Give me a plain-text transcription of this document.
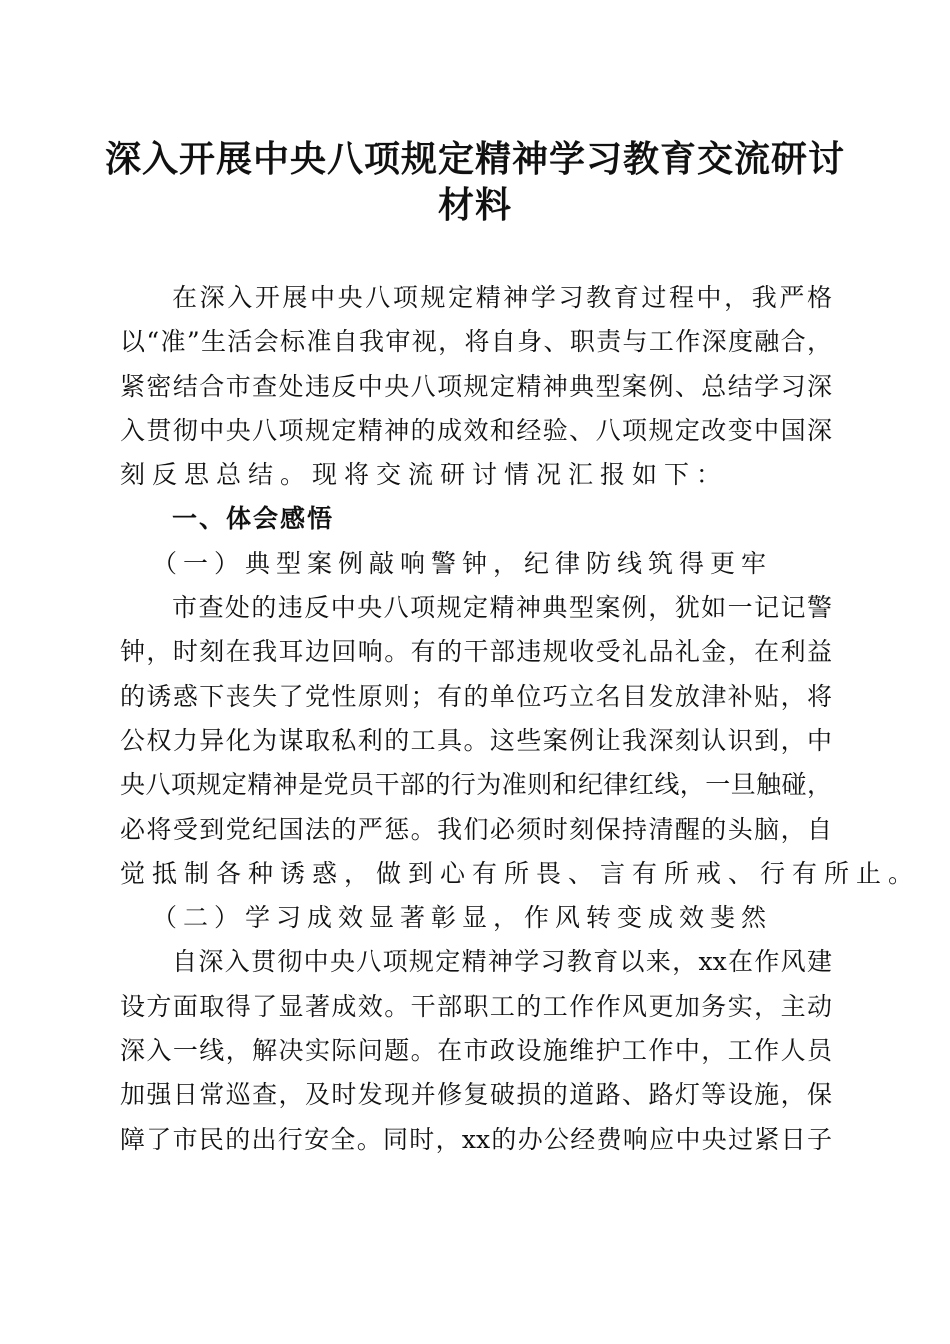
深入开展中央八项规定精神学习教育交流研讨
材料
在深入开展中央八项规定精神学习教育过程中，我严格
以“准”生活会标准自我审视，将自身、职责与工作深度融合，
紧密结合市查处违反中央八项规定精神典型案例、总结学习深
入贯彻中央八项规定精神的成效和经验、八项规定改变中国深
刻反思总结。现将交流研讨情况汇报如下：
一、体会感悟
（一）典型案例敲响警钟，纪律防线筑得更牢
市查处的违反中央八项规定精神典型案例，犹如一记记警
钟，时刻在我耳边回响。有的干部违规收受礼品礼金，在利益
的诱惑下丧失了党性原则；有的单位巧立名目发放津补贴，将
公权力异化为谋取私利的工具。这些案例让我深刻认识到，中
央八项规定精神是党员干部的行为准则和纪律红线，一旦触碰，
必将受到党纪国法的严惩。我们必须时刻保持清醒的头脑，自
觉抵制各种诱惑，做到心有所畏、言有所戒、行有所止。
（二）学习成效显著彰显，作风转变成效斐然
自深入贯彻中央八项规定精神学习教育以来，xx在作风建
设方面取得了显著成效。干部职工的工作作风更加务实，主动
深入一线，解决实际问题。在市政设施维护工作中，工作人员
加强日常巡查，及时发现并修复破损的道路、路灯等设施，保
障了市民的出行安全。同时，xx的办公经费响应中央过紧日子
